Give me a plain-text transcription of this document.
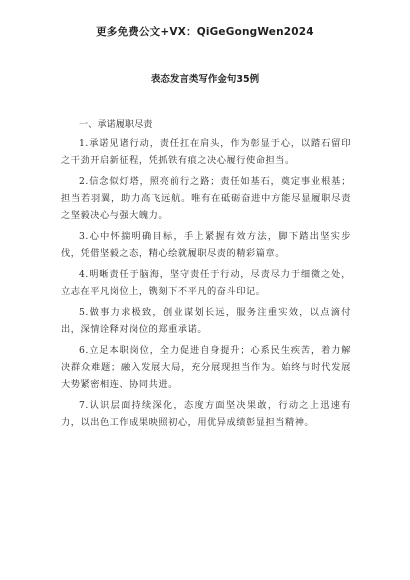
更多免费公文+VX：QiGeGongWen2024
表态发言类写作金句35例

一、承诺履职尽责

1.承诺见诸行动，责任扛在肩头，作为彰显于心，以踏石留印之干劲开启新征程，凭抓铁有痕之决心履行使命担当。

2.信念似灯塔，照亮前行之路；责任如基石，奠定事业根基；担当若羽翼，助力高飞远航。唯有在砥砺奋进中方能尽显履职尽责之坚毅决心与强大魄力。

3.心中怀揣明确目标，手上紧握有效方法，脚下踏出坚实步伐，凭借坚毅之态，精心绘就履职尽责的精彩篇章。

4.明晰责任于脑海，坚守责任于行动，尽责尽力于细微之处，立志在平凡岗位上，镌刻下不平凡的奋斗印记。

5.做事力求极致，创业谋划长远，服务注重实效，以点滴付出，深情诠释对岗位的郑重承诺。

6.立足本职岗位，全力促进自身提升；心系民生疾苦，着力解决群众难题；融入发展大局，充分展现担当作为。始终与时代发展大势紧密相连、协同共进。

7.认识层面持续深化，态度方面坚决果敢，行动之上迅速有力，以出色工作成果映照初心，用优异成绩彰显担当精神。
